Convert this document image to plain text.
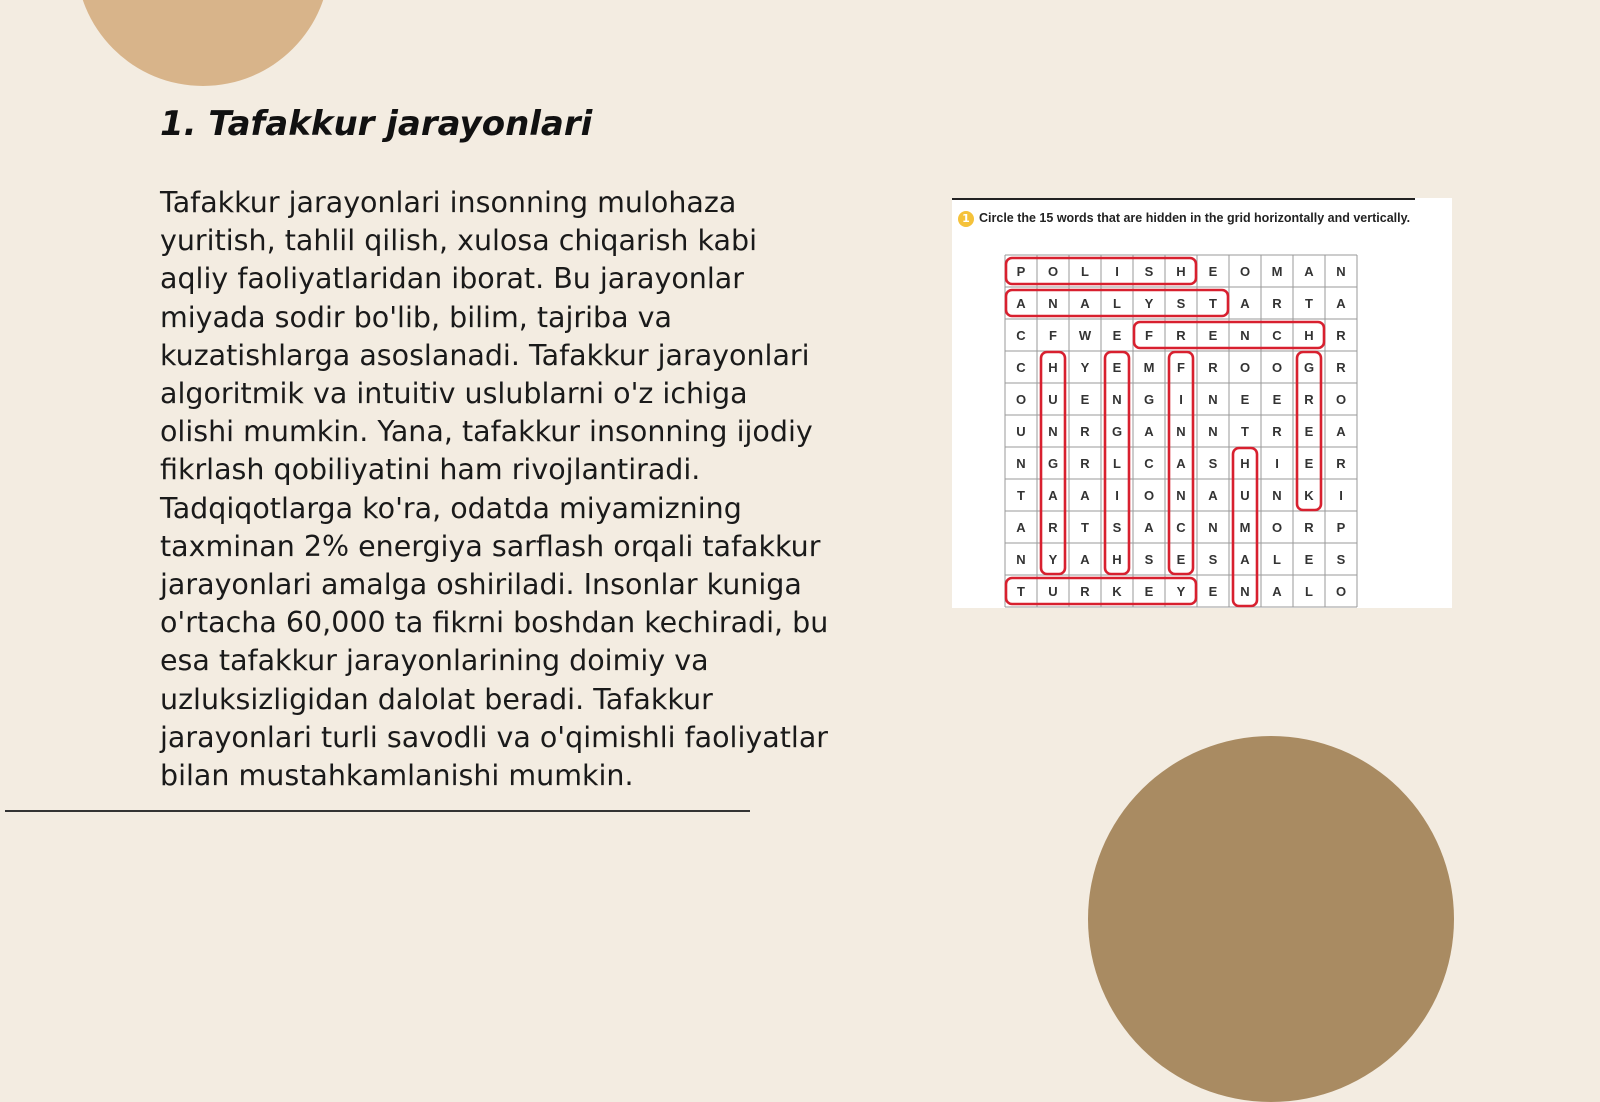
1. Tafakkur jarayonlari

Tafakkur jarayonlari insonning mulohaza yuritish, tahlil qilish, xulosa chiqarish kabi aqliy faoliyatlaridan iborat. Bu jarayonlar miyada sodir bo'lib, bilim, tajriba va kuzatishlarga asoslanadi. Tafakkur jarayonlari algoritmik va intuitiv uslublarni o'z ichiga olishi mumkin. Yana, tafakkur insonning ijodiy fikrlash qobiliyatini ham rivojlantiradi. Tadqiqotlarga ko'ra, odatda miyamizning taxminan 2% energiya sarflash orqali tafakkur jarayonlari amalga oshiriladi. Insonlar kuniga o'rtacha 60,000 ta fikrni boshdan kechiradi, bu esa tafakkur jarayonlarining doimiy va uzluksizligidan dalolat beradi. Tafakkur jarayonlari turli savodli va o'qimishli faoliyatlar bilan mustahkamlanishi mumkin.

1 Circle the 15 words that are hidden in the grid horizontally and vertically.
P O L I S H E O M A N
A N A L Y S T A R T A
C F W E F R E N C H R
C H Y E M F R O O G R
O U E N G I N E E R O
U N R G A N N T R E A
N G R L C A S H I E R
T A A I O N A U N K I
A R T S A C N M O R P
N Y A H S E S A L E S
T U R K E Y E N A L O
